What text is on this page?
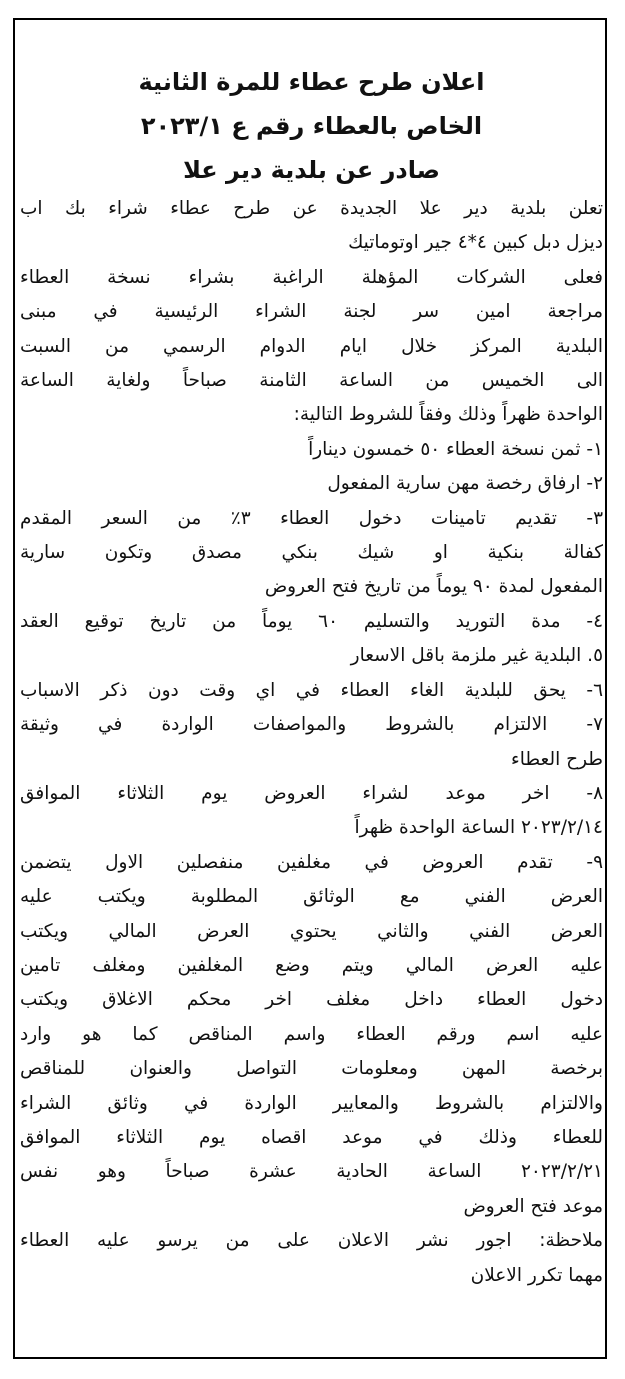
اعلان طرح عطاء للمرة الثانية

الخاص بالعطاء رقم ع ٢٠٢٣/١

صادر عن بلدية دير علا

تعلن بلدية دير علا الجديدة عن طرح عطاء شراء بك اب

ديزل دبل كبين ٤*٤ جير اوتوماتيك

فعلى الشركات المؤهلة الراغبة بشراء نسخة العطاء

مراجعة امين سر لجنة الشراء الرئيسية في مبنى

البلدية المركز خلال ايام الدوام الرسمي من السبت

الى الخميس من الساعة الثامنة صباحاً ولغاية الساعة

الواحدة ظهراً وذلك وفقاً للشروط التالية:

١- ثمن نسخة العطاء ٥٠ خمسون ديناراً

٢- ارفاق رخصة مهن سارية المفعول

٣- تقديم تامينات دخول العطاء ٣٪ من السعر المقدم

كفالة بنكية او شيك بنكي مصدق وتكون سارية

المفعول لمدة ٩٠ يوماً من تاريخ فتح العروض

٤- مدة التوريد والتسليم ٦٠ يوماً من تاريخ توقيع العقد

٥. البلدية غير ملزمة باقل الاسعار

٦- يحق للبلدية الغاء العطاء في اي وقت دون ذكر الاسباب

٧- الالتزام بالشروط والمواصفات الواردة في وثيقة

طرح العطاء

٨- اخر موعد لشراء العروض يوم الثلاثاء الموافق

٢٠٢٣/٢/١٤ الساعة الواحدة ظهراً

٩- تقدم العروض في مغلفين منفصلين الاول يتضمن

العرض الفني مع الوثائق المطلوبة ويكتب عليه

العرض الفني والثاني يحتوي العرض المالي ويكتب

عليه العرض المالي ويتم وضع المغلفين ومغلف تامين

دخول العطاء داخل مغلف اخر محكم الاغلاق ويكتب

عليه اسم ورقم العطاء واسم المناقص كما هو وارد

برخصة المهن ومعلومات التواصل والعنوان للمناقص

والالتزام بالشروط والمعايير الواردة في وثائق الشراء

للعطاء وذلك في موعد اقصاه يوم الثلاثاء الموافق

٢٠٢٣/٢/٢١ الساعة الحادية عشرة صباحاً وهو نفس

موعد فتح العروض

ملاحظة: اجور نشر الاعلان على من يرسو عليه العطاء

مهما تكرر الاعلان
